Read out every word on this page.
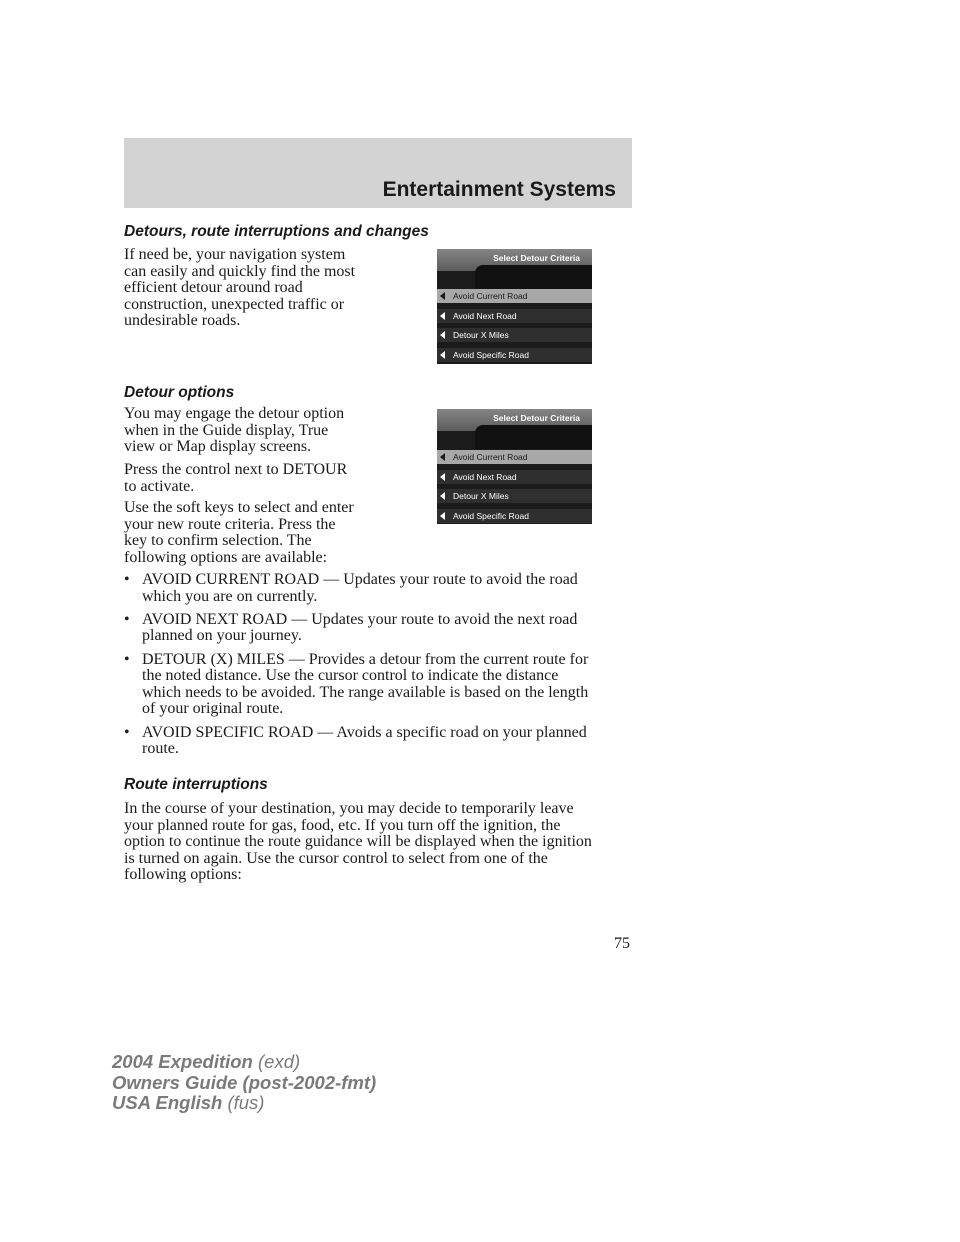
Entertainment Systems
Detours, route interruptions and changes
If need be, your navigation system
can easily and quickly find the most
efficient detour around road
construction, unexpected traffic or
undesirable roads.
Select Detour Criteria
Avoid Current Road
Avoid Next Road
Detour X Miles
Avoid Specific Road
Detour options
You may engage the detour option
when in the Guide display, True
view or Map display screens.
Press the control next to DETOUR
to activate.
Use the soft keys to select and enter
your new route criteria. Press the
key to confirm selection. The
following options are available:
Select Detour Criteria
Avoid Current Road
Avoid Next Road
Detour X Miles
Avoid Specific Road
• AVOID CURRENT ROAD — Updates your route to avoid the road
which you are on currently.
• AVOID NEXT ROAD — Updates your route to avoid the next road
planned on your journey.
• DETOUR (X) MILES — Provides a detour from the current route for
the noted distance. Use the cursor control to indicate the distance
which needs to be avoided. The range available is based on the length
of your original route.
• AVOID SPECIFIC ROAD — Avoids a specific road on your planned
route.
Route interruptions
In the course of your destination, you may decide to temporarily leave
your planned route for gas, food, etc. If you turn off the ignition, the
option to continue the route guidance will be displayed when the ignition
is turned on again. Use the cursor control to select from one of the
following options:
75
2004 Expedition (exd)
Owners Guide (post-2002-fmt)
USA English (fus)
